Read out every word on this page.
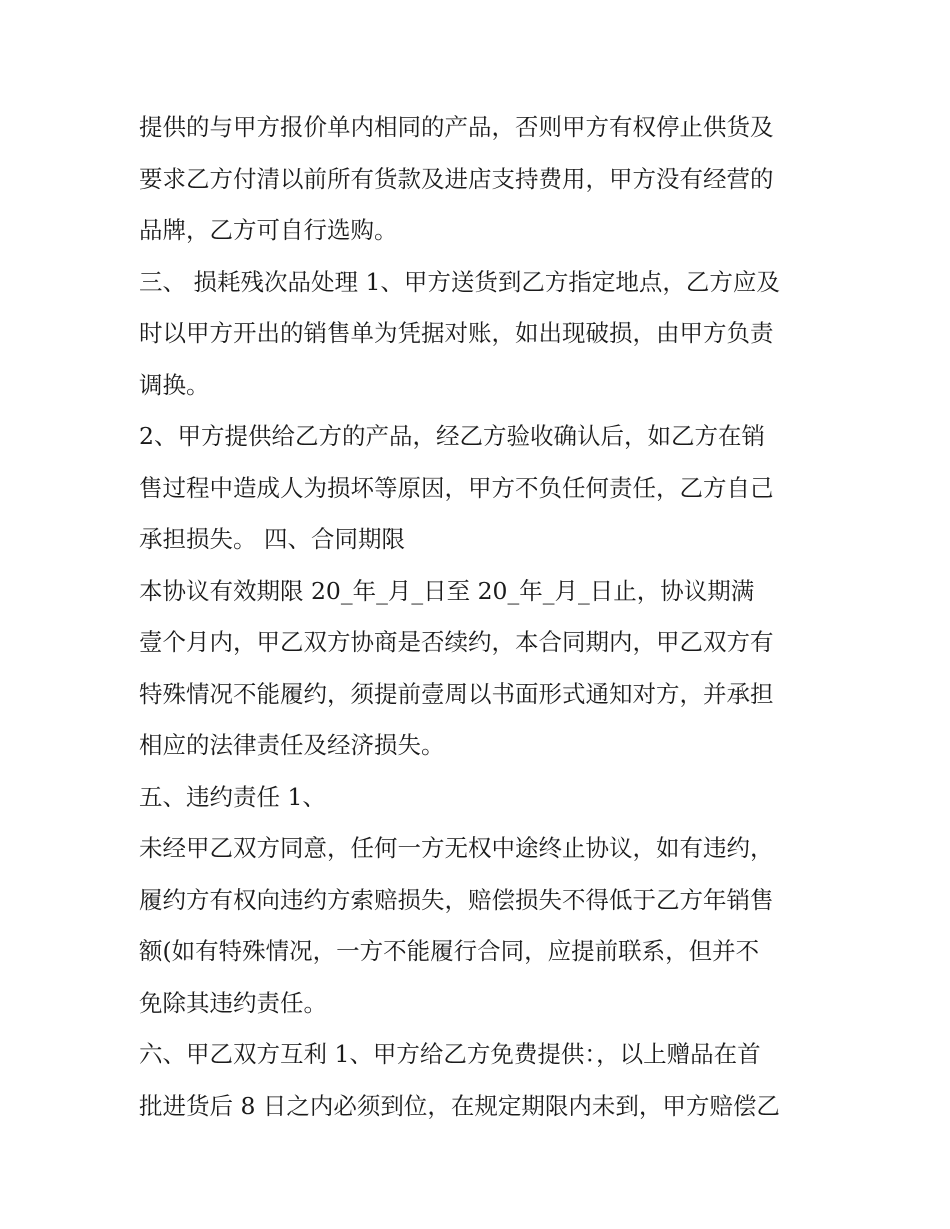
提供的与甲方报价单内相同的产品，否则甲方有权停止供货及
要求乙方付清以前所有货款及进店支持费用，甲方没有经营的
品牌，乙方可自行选购。
三、 损耗残次品处理 1、甲方送货到乙方指定地点，乙方应及
时以甲方开出的销售单为凭据对账，如出现破损，由甲方负责
调换。
2、甲方提供给乙方的产品，经乙方验收确认后，如乙方在销
售过程中造成人为损坏等原因，甲方不负任何责任，乙方自己
承担损失。 四、合同期限
本协议有效期限 20_年_月_日至 20_年_月_日止，协议期满
壹个月内，甲乙双方协商是否续约，本合同期内，甲乙双方有
特殊情况不能履约，须提前壹周以书面形式通知对方，并承担
相应的法律责任及经济损失。
五、违约责任 1、
未经甲乙双方同意，任何一方无权中途终止协议，如有违约，
履约方有权向违约方索赔损失，赔偿损失不得低于乙方年销售
额(如有特殊情况，一方不能履行合同，应提前联系，但并不
免除其违约责任。
六、甲乙双方互利 1、甲方给乙方免费提供：，以上赠品在首
批进货后 8 日之内必须到位，在规定期限内未到，甲方赔偿乙
